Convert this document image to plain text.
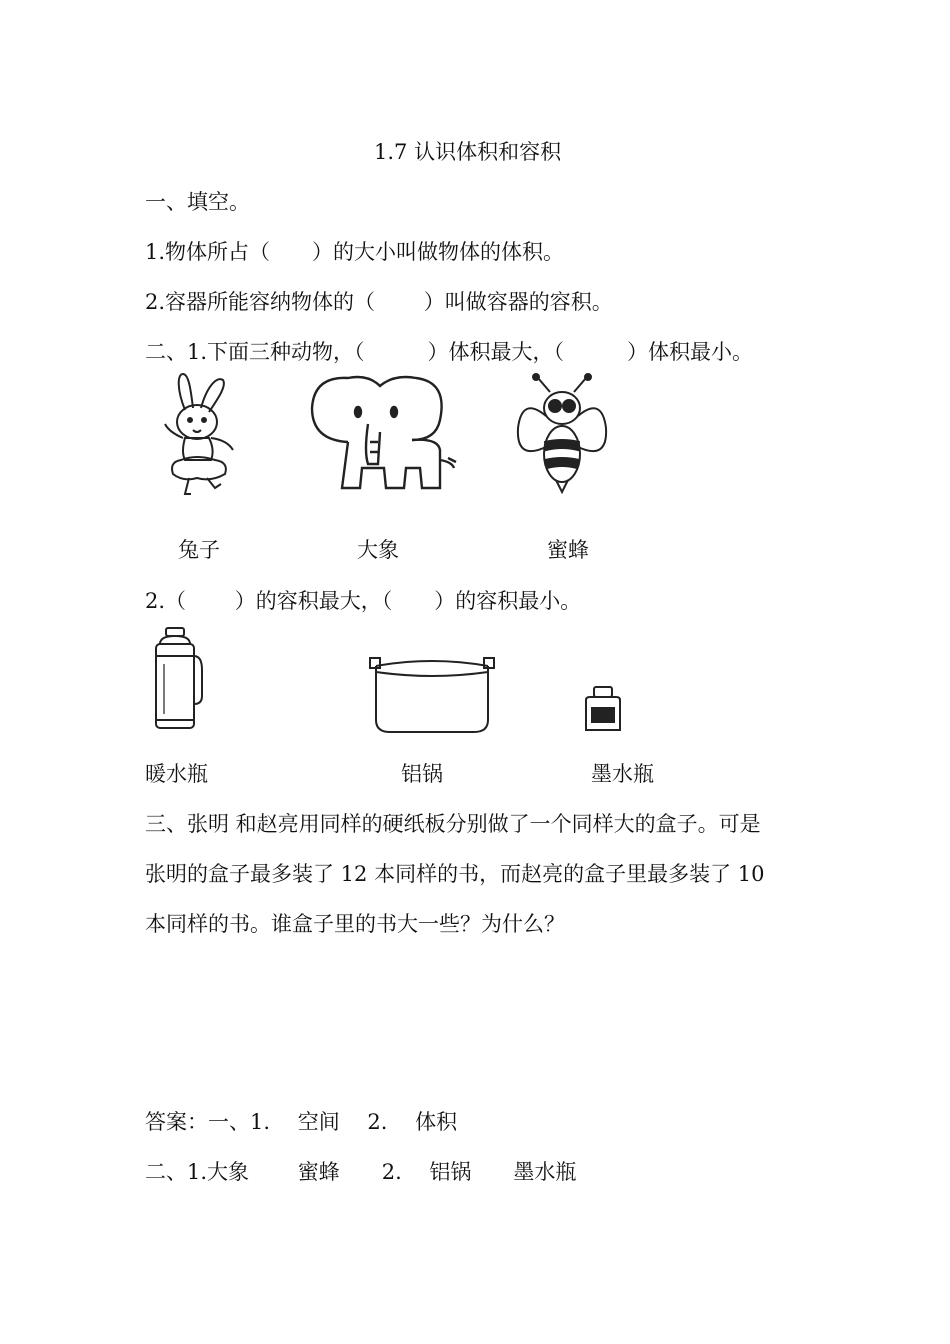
1.7 认识体积和容积
一、填空。
1.物体所占（　　）的大小叫做物体的体积。
2.容器所能容纳物体的（　　 ）叫做容器的容积。
二、1.下面三种动物，（　　　）体积最大，（　　　）体积最小。
兔子	大象	蜜蜂
2.（　　 ）的容积最大，（　　）的容积最小。
暖水瓶	铝锅	墨水瓶
三、张明 和赵亮用同样的硬纸板分别做了一个同样大的盒子。可是
张明的盒子最多装了 12 本同样的书，而赵亮的盒子里最多装了 10
本同样的书。谁盒子里的书大一些？为什么？
答案：一、1.　 空间　 2.　 体积
二、1.大象　　 蜜蜂　　2.　 铝锅　　墨水瓶
